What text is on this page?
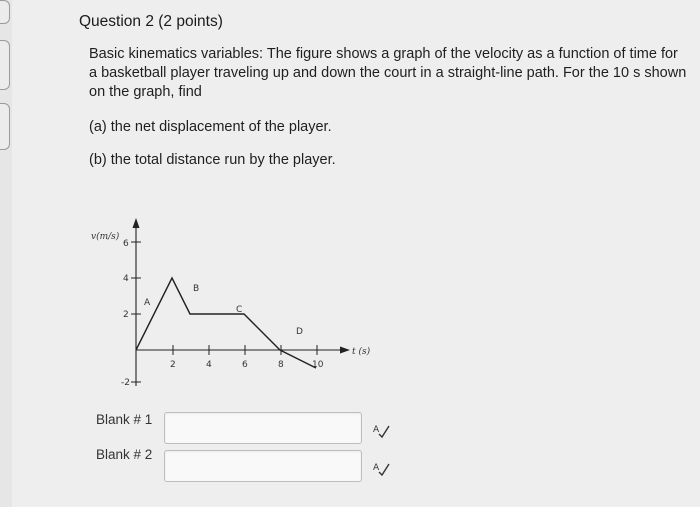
Question 2 (2 points)

Basic kinematics variables: The figure shows a graph of the velocity as a function of time for a basketball player traveling up and down the court in a straight-line path. For the 10 s shown on the graph, find

(a) the net displacement of the player.
(b) the total distance run by the player.
v(m/s)
t (s)
6
4
2
-2
2	4	6	8	10
A
B
C
D
Blank # 1
A
Blank # 2
A
